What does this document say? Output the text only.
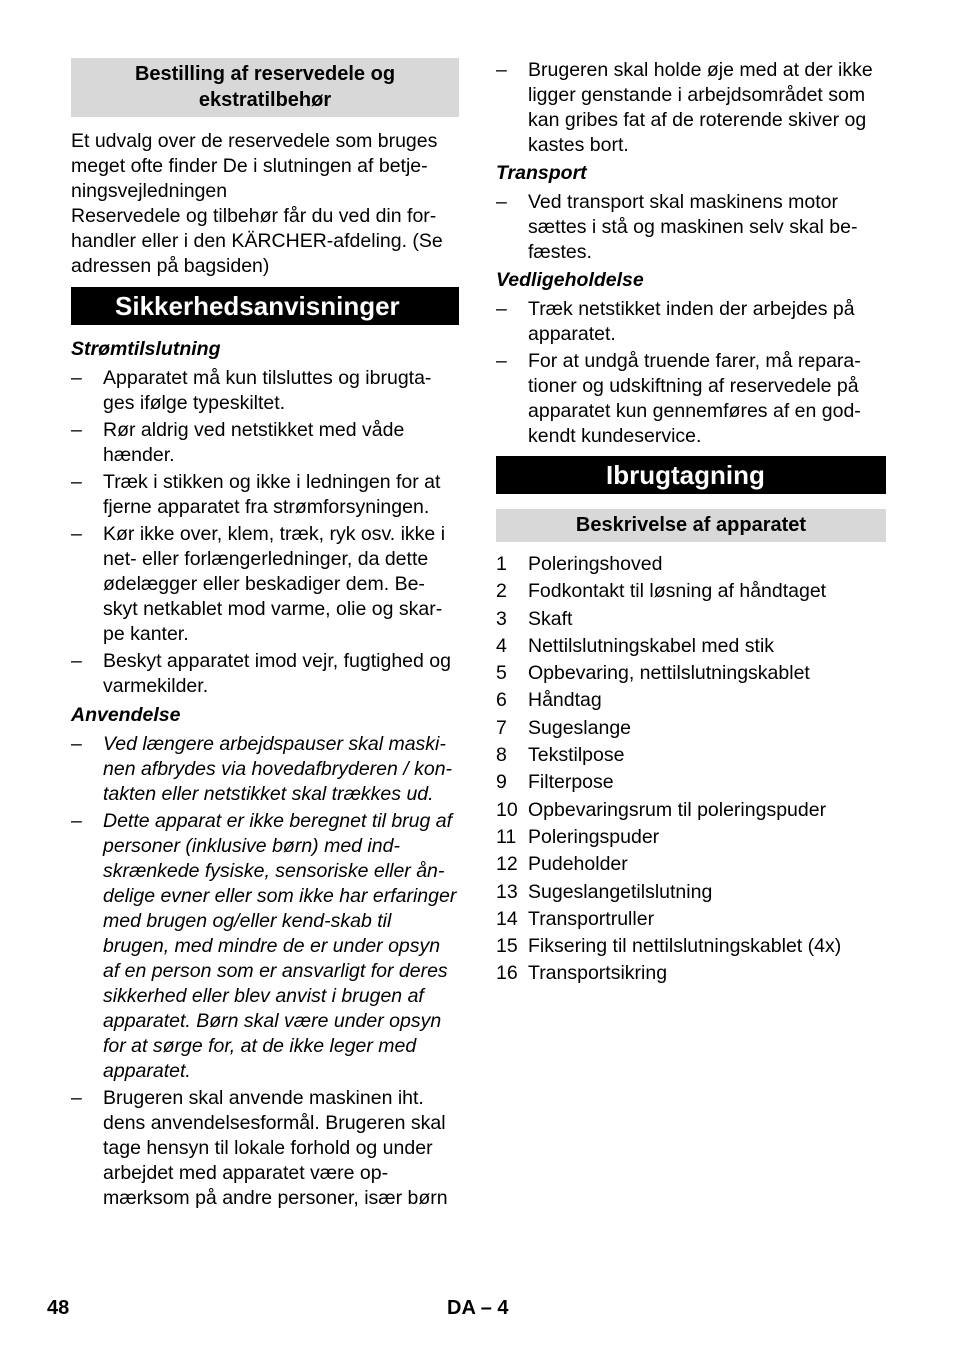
Bestilling af reservedele og ekstratilbehør

Et udvalg over de reservedele som bruges meget ofte finder De i slutningen af betje-ningsvejledningen

Reservedele og tilbehør får du ved din for-handler eller i den KÄRCHER-afdeling. (Se adressen på bagsiden)

Sikkerhedsanvisninger
Strømtilslutning
–	Apparatet må kun tilsluttes og ibrugta-ges ifølge typeskiltet.
–	Rør aldrig ved netstikket med våde hænder.
–	Træk i stikken og ikke i ledningen for at fjerne apparatet fra strømforsyningen.
–	Kør ikke over, klem, træk, ryk osv. ikke i net- eller forlængerledninger, da dette ødelægger eller beskadiger dem. Be-skyt netkablet mod varme, olie og skar-pe kanter.
–	Beskyt apparatet imod vejr, fugtighed og varmekilder.
Anvendelse
–	Ved længere arbejdspauser skal maski-nen afbrydes via hovedafbryderen / kon-takten eller netstikket skal trækkes ud.
–	Dette apparat er ikke beregnet til brug af personer (inklusive børn) med ind-skrænkede fysiske, sensoriske eller ån-delige evner eller som ikke har erfaringer med brugen og/eller kend-skab til brugen, med mindre de er under opsyn af en person som er ansvarligt for deres sikkerhed eller blev anvist i brugen af apparatet. Børn skal være under opsyn for at sørge for, at de ikke leger med apparatet.
–	Brugeren skal anvende maskinen iht. dens anvendelsesformål. Brugeren skal tage hensyn til lokale forhold og under arbejdet med apparatet være op-mærksom på andre personer, især børn
–	Brugeren skal holde øje med at der ikke ligger genstande i arbejdsområdet som kan gribes fat af de roterende skiver og kastes bort.
Transport
–	Ved transport skal maskinens motor sættes i stå og maskinen selv skal be-fæstes.
Vedligeholdelse
–	Træk netstikket inden der arbejdes på apparatet.
–	For at undgå truende farer, må repara-tioner og udskiftning af reservedele på apparatet kun gennemføres af en god-kendt kundeservice.
Ibrugtagning
Beskrivelse af apparatet
1 Poleringshoved
2 Fodkontakt til løsning af håndtaget
3 Skaft
4 Nettilslutningskabel med stik
5 Opbevaring, nettilslutningskablet
6 Håndtag
7 Sugeslange
8 Tekstilpose
9 Filterpose
10 Opbevaringsrum til poleringspuder
11 Poleringspuder
12 Pudeholder
13 Sugeslangetilslutning
14 Transportruller
15 Fiksering til nettilslutningskablet (4x)
16 Transportsikring
48	DA – 4
